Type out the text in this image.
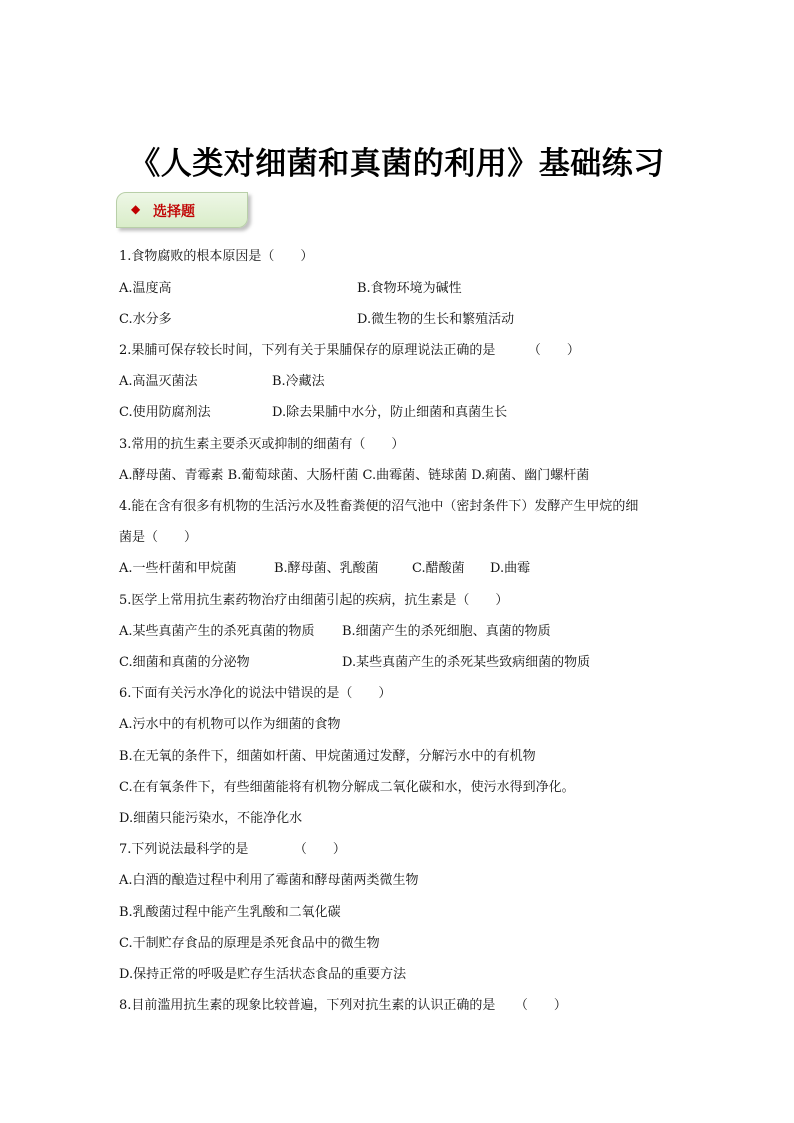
《人类对细菌和真菌的利用》基础练习
◆ 选择题
1.食物腐败的根本原因是（　　）
A.温度高	B.食物环境为碱性
C.水分多	D.微生物的生长和繁殖活动
2.果脯可保存较长时间，下列有关于果脯保存的原理说法正确的是　　　（　　）
A.高温灭菌法	B.冷藏法
C.使用防腐剂法	D.除去果脯中水分，防止细菌和真菌生长
3.常用的抗生素主要杀灭或抑制的细菌有（　　）
A.酵母菌、青霉素 B.葡萄球菌、大肠杆菌 C.曲霉菌、链球菌 D.痢菌、幽门螺杆菌
4.能在含有很多有机物的生活污水及牲畜粪便的沼气池中（密封条件下）发酵产生甲烷的细
菌是（　　）
A.一些杆菌和甲烷菌	B.酵母菌、乳酸菌	C.醋酸菌 D.曲霉
5.医学上常用抗生素药物治疗由细菌引起的疾病，抗生素是（　　）
A.某些真菌产生的杀死真菌的物质 B.细菌产生的杀死细胞、真菌的物质
C.细菌和真菌的分泌物	D.某些真菌产生的杀死某些致病细菌的物质
6.下面有关污水净化的说法中错误的是（　　）
A.污水中的有机物可以作为细菌的食物
B.在无氧的条件下，细菌如杆菌、甲烷菌通过发酵，分解污水中的有机物
C.在有氧条件下，有些细菌能将有机物分解成二氧化碳和水，使污水得到净化。
D.细菌只能污染水，不能净化水
7.下列说法最科学的是　　　　（　　）
A.白酒的酿造过程中利用了霉菌和酵母菌两类微生物
B.乳酸菌过程中能产生乳酸和二氧化碳
C.干制贮存食品的原理是杀死食品中的微生物
D.保持正常的呼吸是贮存生活状态食品的重要方法
8.目前滥用抗生素的现象比较普遍，下列对抗生素的认识正确的是　　（　　）
